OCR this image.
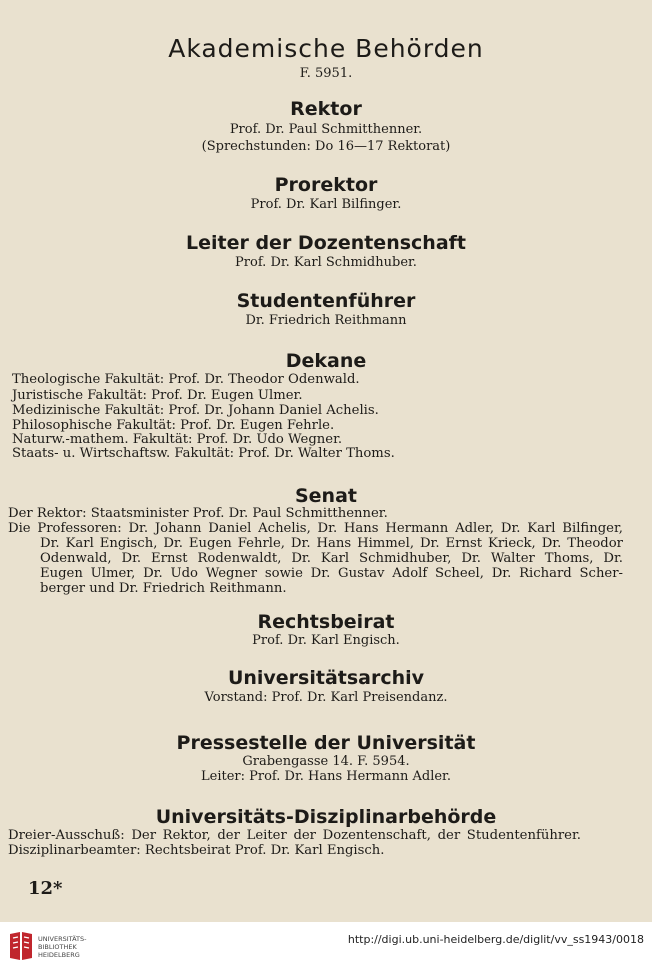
Akademische Behörden
F. 5951.
Rektor
Prof. Dr. Paul Schmitthenner.
(Sprechstunden: Do 16—17 Rektorat)
Prorektor
Prof. Dr. Karl Bilfinger.
Leiter der Dozentenschaft
Prof. Dr. Karl Schmidhuber.
Studentenführer
Dr. Friedrich Reithmann
Dekane
Theologische Fakultät: Prof. Dr. Theodor Odenwald.
Juristische Fakultät: Prof. Dr. Eugen Ulmer.
Medizinische Fakultät: Prof. Dr. Johann Daniel Achelis.
Philosophische Fakultät: Prof. Dr. Eugen Fehrle.
Naturw.-mathem. Fakultät: Prof. Dr. Udo Wegner.
Staats- u. Wirtschaftsw. Fakultät: Prof. Dr. Walter Thoms.
Senat
Der Rektor: Staatsminister Prof. Dr. Paul Schmitthenner.
Die Professoren: Dr. Johann Daniel Achelis, Dr. Hans Hermann Adler, Dr. Karl Bilfinger,
Dr. Karl Engisch, Dr. Eugen Fehrle, Dr. Hans Himmel, Dr. Ernst Krieck, Dr. Theodor
Odenwald, Dr. Ernst Rodenwaldt, Dr. Karl Schmidhuber, Dr. Walter Thoms, Dr.
Eugen Ulmer, Dr. Udo Wegner sowie Dr. Gustav Adolf Scheel, Dr. Richard Scher-
berger und Dr. Friedrich Reithmann.
Rechtsbeirat
Prof. Dr. Karl Engisch.
Universitätsarchiv
Vorstand: Prof. Dr. Karl Preisendanz.
Pressestelle der Universität
Grabengasse 14. F. 5954.
Leiter: Prof. Dr. Hans Hermann Adler.
Universitäts-Disziplinarbehörde
Dreier-Ausschuß: Der Rektor, der Leiter der Dozentenschaft, der Studentenführer.
Disziplinarbeamter: Rechtsbeirat Prof. Dr. Karl Engisch.
12*
UNIVERSITÄTS-
BIBLIOTHEK
HEIDELBERG
http://digi.ub.uni-heidelberg.de/diglit/vv_ss1943/0018
